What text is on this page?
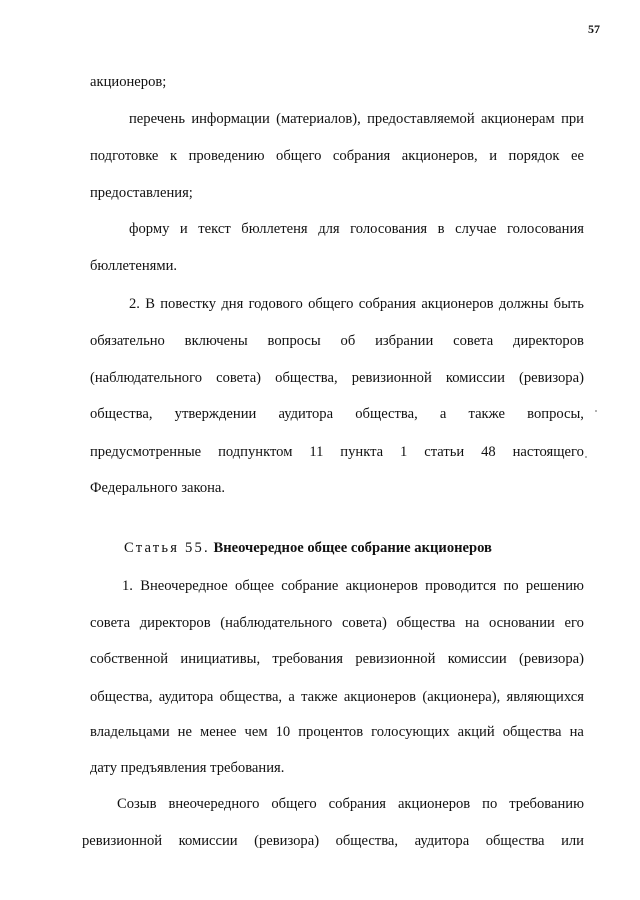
57
акционеров;
перечень информации (материалов), предоставляемой акционерам при
подготовке к проведению общего собрания акционеров, и порядок ее
предоставления;
форму и текст бюллетеня для голосования в случае голосования
бюллетенями.
2. В повестку дня годового общего собрания акционеров должны быть
обязательно включены вопросы об избрании совета директоров
(наблюдательного совета) общества, ревизионной комиссии (ревизора)
общества, утверждении аудитора общества, а также вопросы,
предусмотренные подпунктом 11 пункта 1 статьи 48 настоящего
Федерального закона.
Статья 55. Внеочередное общее собрание акционеров
1. Внеочередное общее собрание акционеров проводится по решению
совета директоров (наблюдательного совета) общества на основании его
собственной инициативы, требования ревизионной комиссии (ревизора)
общества, аудитора общества, а также акционеров (акционера), являющихся
владельцами не менее чем 10 процентов голосующих акций общества на
дату предъявления требования.
Созыв внеочередного общего собрания акционеров по требованию
ревизионной комиссии (ревизора) общества, аудитора общества или
